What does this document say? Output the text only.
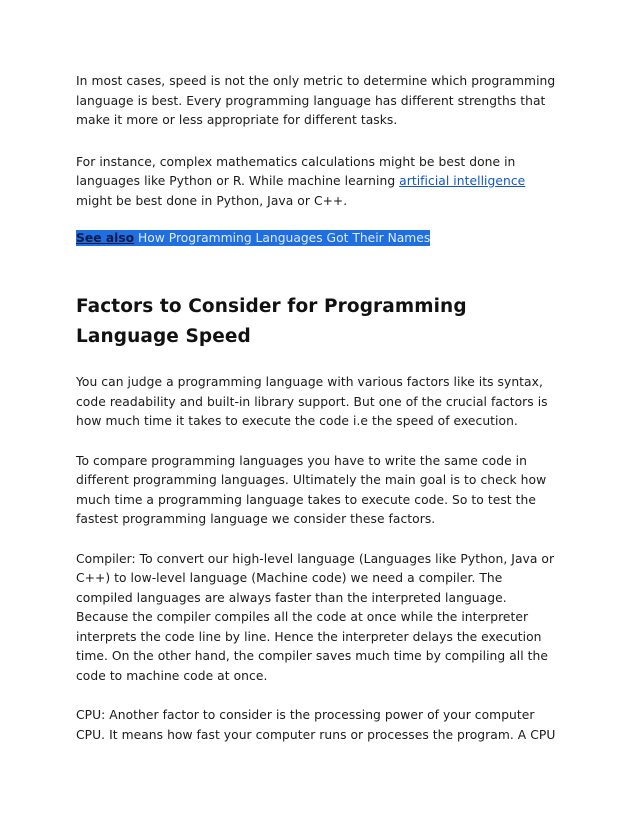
In most cases, speed is not the only metric to determine which programming language is best. Every programming language has different strengths that make it more or less appropriate for different tasks.

For instance, complex mathematics calculations might be best done in languages like Python or R. While machine learning artificial intelligence might be best done in Python, Java or C++.

See also How Programming Languages Got Their Names
Factors to Consider for Programming Language Speed

You can judge a programming language with various factors like its syntax, code readability and built-in library support. But one of the crucial factors is how much time it takes to execute the code i.e the speed of execution.

To compare programming languages you have to write the same code in different programming languages. Ultimately the main goal is to check how much time a programming language takes to execute code. So to test the fastest programming language we consider these factors.

Compiler: To convert our high-level language (Languages like Python, Java or C++) to low-level language (Machine code) we need a compiler. The compiled languages are always faster than the interpreted language. Because the compiler compiles all the code at once while the interpreter interprets the code line by line. Hence the interpreter delays the execution time. On the other hand, the compiler saves much time by compiling all the code to machine code at once.

CPU: Another factor to consider is the processing power of your computer CPU. It means how fast your computer runs or processes the program. A CPU
